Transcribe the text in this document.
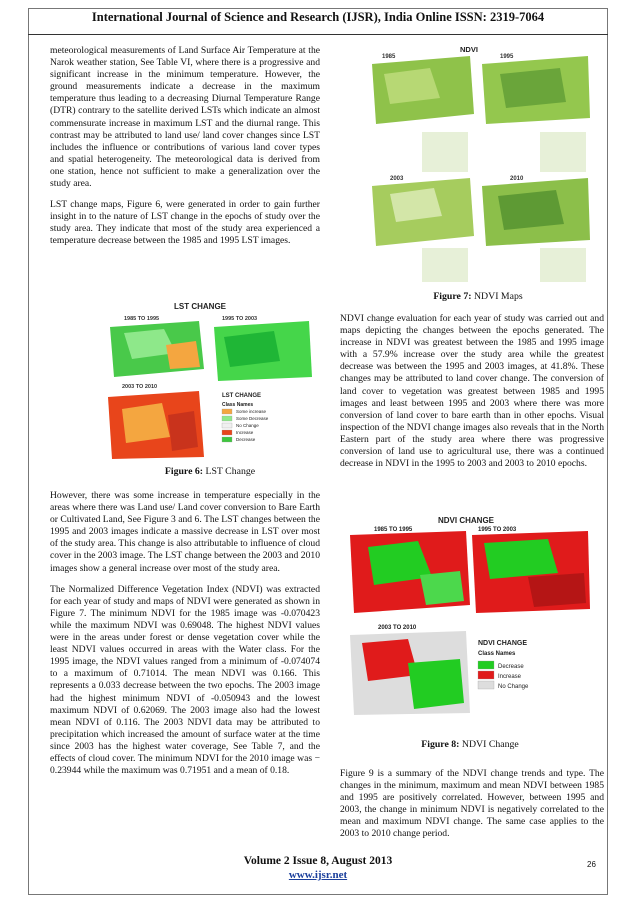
International Journal of Science and Research (IJSR), India Online ISSN: 2319-7064

meteorological measurements of Land Surface Air Temperature at the Narok weather station, See Table VI, where there is a progressive and significant increase in the minimum temperature. However, the ground measurements indicate a decrease in the maximum temperature thus leading to a decreasing Diurnal Temperature Range (DTR) contrary to the satellite derived LSTs which indicate an almost commensurate increase in maximum LST and the diurnal range. This contrast may be attributed to land use/ land cover changes since LST includes the influence or contributions of various land cover types and spatial heterogeneity. The meteorological data is derived from one station, hence not sufficient to make a generalization over the study area.

LST change maps, Figure 6, were generated in order to gain further insight in to the nature of LST change in the epochs of study over the study area. They indicate that most of the study area experienced a temperature decrease between the 1985 and 1995 LST images.

LST CHANGE
1985 TO 1995	1995 TO 2003
2003 TO 2010
LST CHANGE
Class Names
Some increase
Some Decrease
No Change
Increase
Decrease
Figure 6: LST Change

However, there was some increase in temperature especially in the areas where there was Land use/ Land cover conversion to Bare Earth or Cultivated Land, See Figure 3 and 6. The LST changes between the 1995 and 2003 images indicate a massive decrease in LST over most of the study area. This change is also attributable to influence of cloud cover in the 2003 image. The LST change between the 2003 and 2010 images show a general increase over most of the study area.

The Normalized Difference Vegetation Index (NDVI) was extracted for each year of study and maps of NDVI were generated as shown in Figure 7. The minimum NDVI for the 1985 image was -0.070423 while the maximum NDVI was 0.69048. The highest NDVI values were in the areas under forest or dense vegetation cover while the least NDVI values occurred in areas with the Water class. For the 1995 image, the NDVI values ranged from a minimum of -0.074074 to a maximum of 0.71014. The mean NDVI was 0.166. This represents a 0.033 decrease between the two epochs. The 2003 image had the highest minimum NDVI of -0.050943 and the lowest maximum NDVI of 0.62069. The 2003 image also had the lowest mean NDVI of 0.116. The 2003 NDVI data may be attributed to precipitation which increased the amount of surface water at the time since 2003 has the highest water coverage, See Table 7, and the effects of cloud cover. The minimum NDVI for the 2010 image was − 0.23944 while the maximum was 0.71951 and a mean of 0.18.

NDVI
1985	1995
2003	2010
Figure 7: NDVI Maps

NDVI change evaluation for each year of study was carried out and maps depicting the changes between the epochs generated. The increase in NDVI was greatest between the 1985 and 1995 image with a 57.9% increase over the study area while the greatest decrease was between the 1995 and 2003 images, at 41.8%. These changes may be attributed to land cover change. The conversion of land cover to vegetation was greatest between 1985 and 1995 images and least between 1995 and 2003 where there was more conversion of land cover to bare earth than in other epochs. Visual inspection of the NDVI change images also reveals that in the North Eastern part of the study area where there was progressive conversion of land use to agricultural use, there was a continued decrease in NDVI in the 1995 to 2003 and 2003 to 2010 epochs.

NDVI CHANGE
1985 TO 1995	1995 TO 2003
2003 TO 2010
NDVI CHANGE
Class Names
Decrease
Increase
No Change
Figure 8: NDVI Change

Figure 9 is a summary of the NDVI change trends and type. The changes in the minimum, maximum and mean NDVI between 1985 and 1995 are positively correlated. However, between 1995 and 2003, the change in minimum NDVI is negatively correlated to the mean and maximum NDVI change. The same case applies to the 2003 to 2010 change period.

Volume 2 Issue 8, August 2013
www.ijsr.net
26
